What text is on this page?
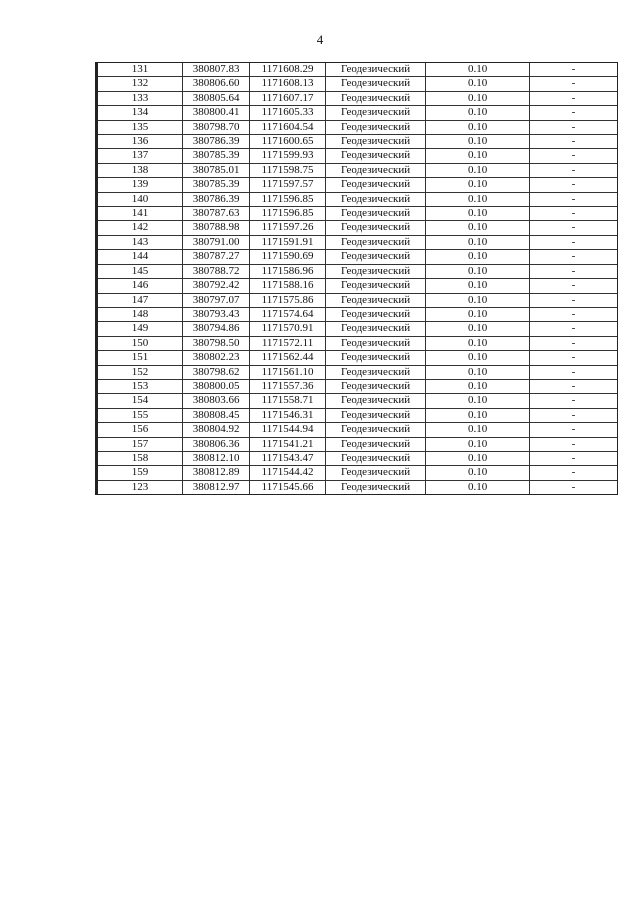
4
131	380807.83	1171608.29	Геодезический	0.10	-
132	380806.60	1171608.13	Геодезический	0.10	-
133	380805.64	1171607.17	Геодезический	0.10	-
134	380800.41	1171605.33	Геодезический	0.10	-
135	380798.70	1171604.54	Геодезический	0.10	-
136	380786.39	1171600.65	Геодезический	0.10	-
137	380785.39	1171599.93	Геодезический	0.10	-
138	380785.01	1171598.75	Геодезический	0.10	-
139	380785.39	1171597.57	Геодезический	0.10	-
140	380786.39	1171596.85	Геодезический	0.10	-
141	380787.63	1171596.85	Геодезический	0.10	-
142	380788.98	1171597.26	Геодезический	0.10	-
143	380791.00	1171591.91	Геодезический	0.10	-
144	380787.27	1171590.69	Геодезический	0.10	-
145	380788.72	1171586.96	Геодезический	0.10	-
146	380792.42	1171588.16	Геодезический	0.10	-
147	380797.07	1171575.86	Геодезический	0.10	-
148	380793.43	1171574.64	Геодезический	0.10	-
149	380794.86	1171570.91	Геодезический	0.10	-
150	380798.50	1171572.11	Геодезический	0.10	-
151	380802.23	1171562.44	Геодезический	0.10	-
152	380798.62	1171561.10	Геодезический	0.10	-
153	380800.05	1171557.36	Геодезический	0.10	-
154	380803.66	1171558.71	Геодезический	0.10	-
155	380808.45	1171546.31	Геодезический	0.10	-
156	380804.92	1171544.94	Геодезический	0.10	-
157	380806.36	1171541.21	Геодезический	0.10	-
158	380812.10	1171543.47	Геодезический	0.10	-
159	380812.89	1171544.42	Геодезический	0.10	-
123	380812.97	1171545.66	Геодезический	0.10	-
